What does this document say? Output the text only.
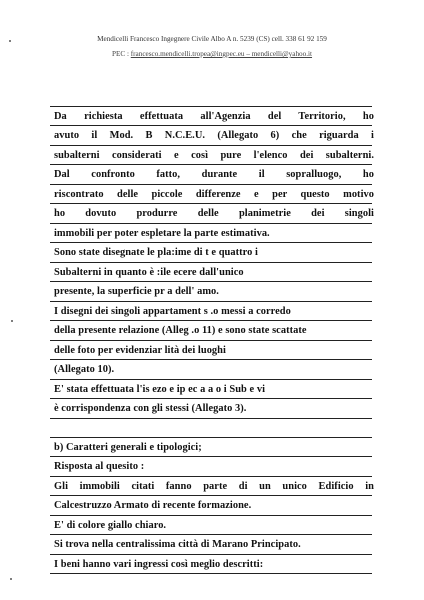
Mendicelli Francesco Ingegnere Civile Albo A n. 5239 (CS) cell. 338 61 92 159
PEC : francesco.mendicelli.tropea@ingpec.eu – mendicelli@yahoo.it
Da richiesta effettuata all'Agenzia del Territorio, ho
avuto il Mod. B N.C.E.U. (Allegato 6) che riguarda i
subalterni considerati e così pure l'elenco dei subalterni.
Dal confronto fatto, durante il sopralluogo, ho
riscontrato delle piccole differenze e per questo motivo
ho dovuto produrre delle planimetrie dei singoli
immobili per poter espletare la parte estimativa.
Sono state disegnate le pla:ime di t e quattro i
Subalterni in quanto è :ile ecere dall'unico
presente, la superficie pr a dell' amo.
I disegni dei singoli appartament s .o messi a corredo
della presente relazione (Alleg .o 11) e sono state scattate
delle foto per evidenziar lità dei luoghi
(Allegato 10).
E' stata effettuata l'is ezo e ip ec a a o i Sub e vi
è corrispondenza con gli stessi (Allegato 3).
b) Caratteri generali e tipologici;
Risposta al quesito :
Gli immobili citati fanno parte di un unico Edificio in
Calcestruzzo Armato di recente formazione.
E' di colore giallo chiaro.
Si trova nella centralissima città di Marano Principato.
I beni hanno vari ingressi così meglio descritti:
